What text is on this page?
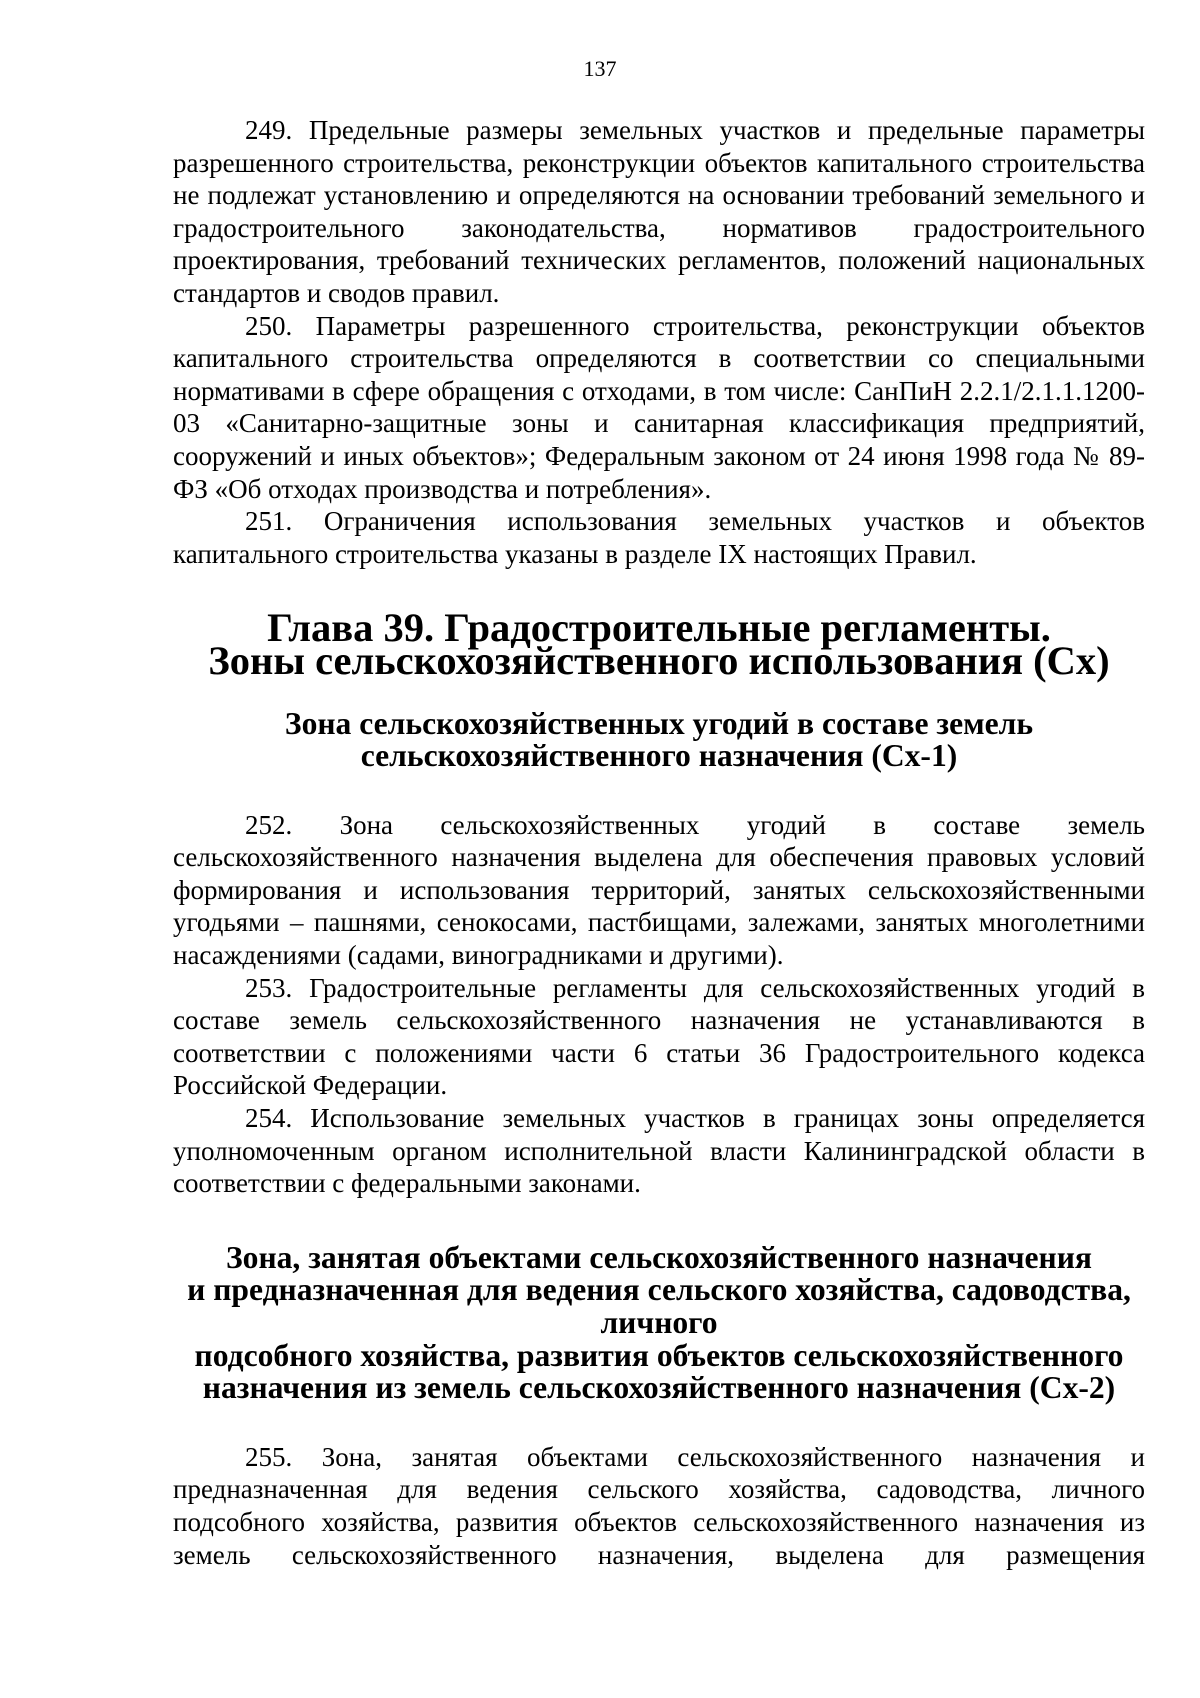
137

249. Предельные размеры земельных участков и предельные параметры разрешенного строительства, реконструкции объектов капитального строительства не подлежат установлению и определяются на основании требований земельного и градостроительного законодательства, нормативов градостроительного проектирования, требований технических регламентов, положений национальных стандартов и сводов правил.

250. Параметры разрешенного строительства, реконструкции объектов капитального строительства определяются в соответствии со специальными нормативами в сфере обращения с отходами, в том числе: СанПиН 2.2.1/2.1.1.1200-03 «Санитарно-защитные зоны и санитарная классификация предприятий, сооружений и иных объектов»; Федеральным законом от 24 июня 1998 года № 89-ФЗ «Об отходах производства и потребления».

251. Ограничения использования земельных участков и объектов капитального строительства указаны в разделе IX настоящих Правил.

Глава 39. Градостроительные регламенты.
Зоны сельскохозяйственного использования (Сх)
Зона сельскохозяйственных угодий в составе земель
сельскохозяйственного назначения (Сх-1)

252. Зона сельскохозяйственных угодий в составе земель сельскохозяйственного назначения выделена для обеспечения правовых условий формирования и использования территорий, занятых сельскохозяйственными угодьями – пашнями, сенокосами, пастбищами, залежами, занятых многолетними насаждениями (садами, виноградниками и другими).

253. Градостроительные регламенты для сельскохозяйственных угодий в составе земель сельскохозяйственного назначения не устанавливаются в соответствии с положениями части 6 статьи 36 Градостроительного кодекса Российской Федерации.

254. Использование земельных участков в границах зоны определяется уполномоченным органом исполнительной власти Калининградской области в соответствии с федеральными законами.

Зона, занятая объектами сельскохозяйственного назначения
и предназначенная для ведения сельского хозяйства, садоводства, личного
подсобного хозяйства, развития объектов сельскохозяйственного
назначения из земель сельскохозяйственного назначения (Сх-2)

255. Зона, занятая объектами сельскохозяйственного назначения и предназначенная для ведения сельского хозяйства, садоводства, личного подсобного хозяйства, развития объектов сельскохозяйственного назначения из земель сельскохозяйственного назначения, выделена для размещения
